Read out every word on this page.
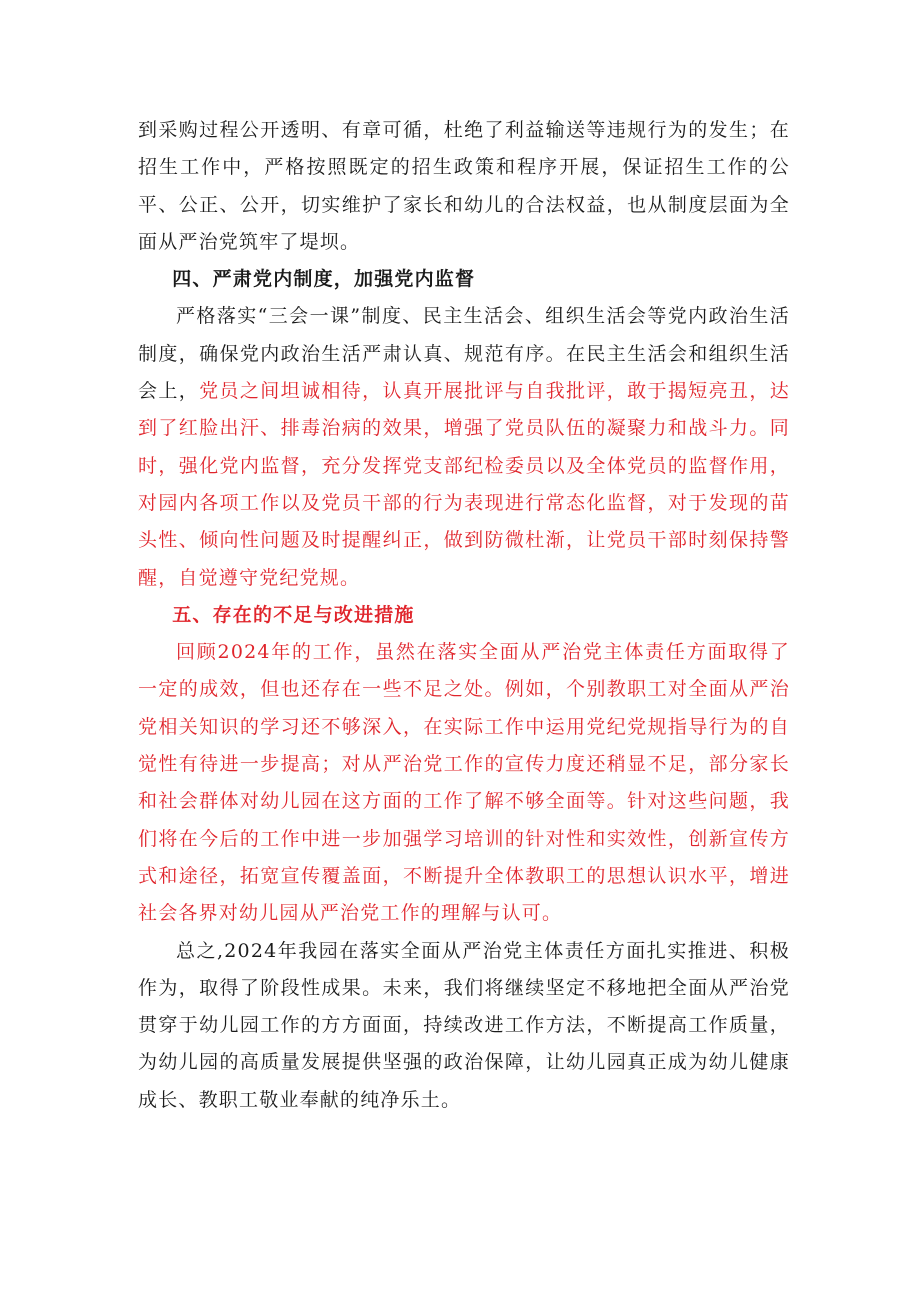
到采购过程公开透明、有章可循，杜绝了利益输送等违规行为的发生；在招生工作中，严格按照既定的招生政策和程序开展，保证招生工作的公平、公正、公开，切实维护了家长和幼儿的合法权益，也从制度层面为全面从严治党筑牢了堤坝。

四、严肃党内制度，加强党内监督

严格落实“三会一课”制度、民主生活会、组织生活会等党内政治生活制度，确保党内政治生活严肃认真、规范有序。在民主生活会和组织生活会上，党员之间坦诚相待，认真开展批评与自我批评，敢于揭短亮丑，达到了红脸出汗、排毒治病的效果，增强了党员队伍的凝聚力和战斗力。同时，强化党内监督，充分发挥党支部纪检委员以及全体党员的监督作用，对园内各项工作以及党员干部的行为表现进行常态化监督，对于发现的苗头性、倾向性问题及时提醒纠正，做到防微杜渐，让党员干部时刻保持警醒，自觉遵守党纪党规。

五、存在的不足与改进措施

回顾2024年的工作，虽然在落实全面从严治党主体责任方面取得了一定的成效，但也还存在一些不足之处。例如，个别教职工对全面从严治党相关知识的学习还不够深入，在实际工作中运用党纪党规指导行为的自觉性有待进一步提高；对从严治党工作的宣传力度还稍显不足，部分家长和社会群体对幼儿园在这方面的工作了解不够全面等。针对这些问题，我们将在今后的工作中进一步加强学习培训的针对性和实效性，创新宣传方式和途径，拓宽宣传覆盖面，不断提升全体教职工的思想认识水平，增进社会各界对幼儿园从严治党工作的理解与认可。

总之,2024年我园在落实全面从严治党主体责任方面扎实推进、积极作为，取得了阶段性成果。未来，我们将继续坚定不移地把全面从严治党贯穿于幼儿园工作的方方面面，持续改进工作方法，不断提高工作质量，为幼儿园的高质量发展提供坚强的政治保障，让幼儿园真正成为幼儿健康成长、教职工敬业奉献的纯净乐土。
